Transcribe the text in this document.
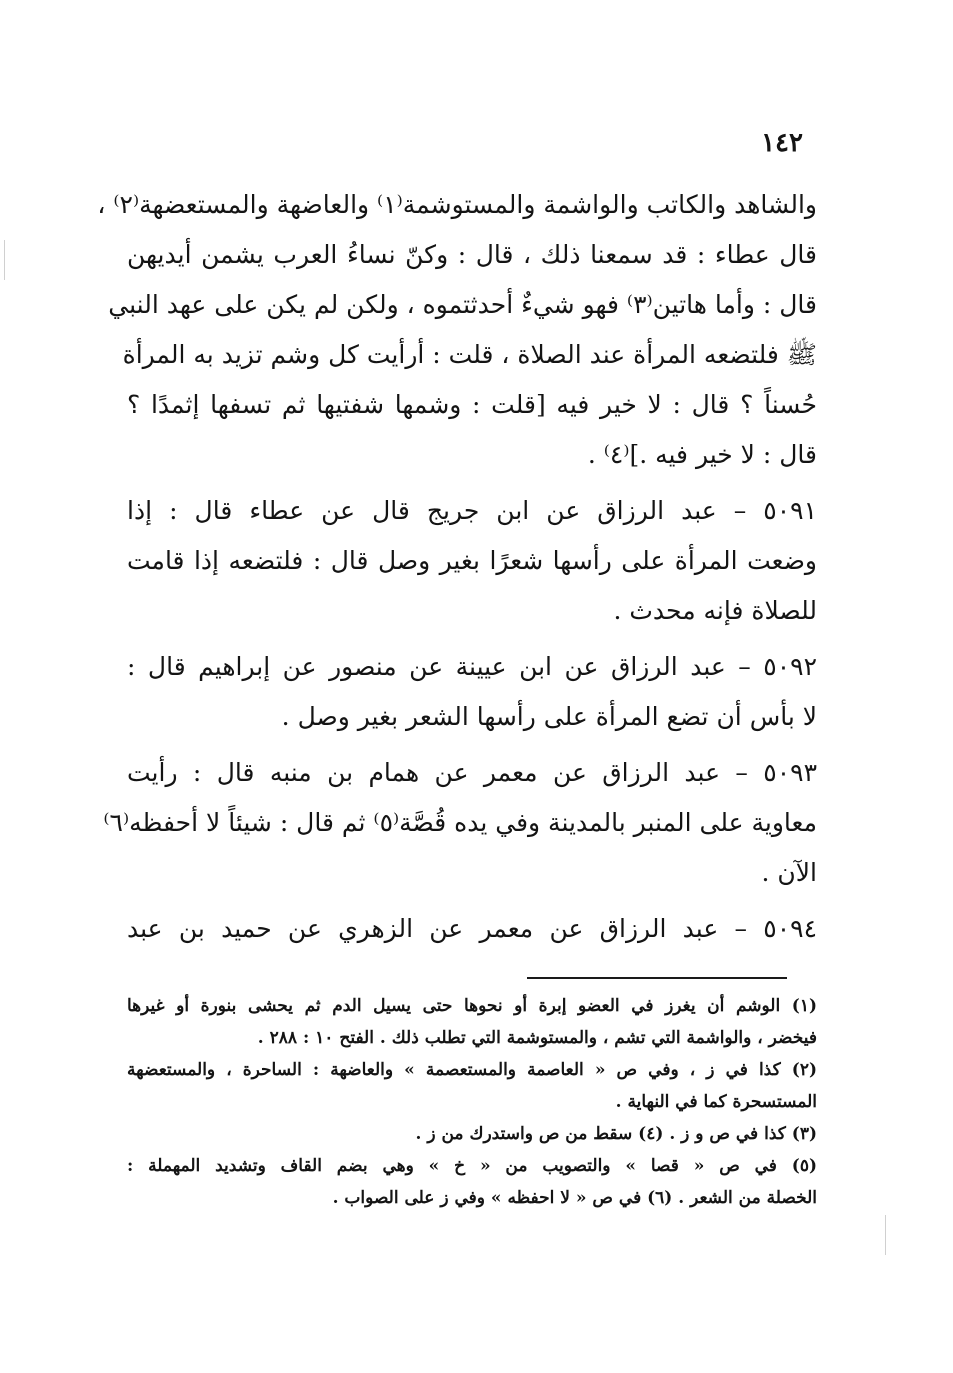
١٤٢
والشاهد والكاتب والواشمة والمستوشمة⁽١⁾ والعاضهة والمستعضهة⁽٢⁾ ،
قال عطاء : قد سمعنا ذلك ، قال : وكنّ نساءُ العرب يشمن أيديهن
قال : وأما هاتين⁽٣⁾ فهو شيءٌ أحدثتموه ، ولكن لم يكن على عهد النبي
ﷺ فلتضعه المرأة عند الصلاة ، قلت : أرأيت كل وشم تزيد به المرأة
حُسناً ؟ قال : لا خير فيه [قلت : وشمها شفتيها ثم تسفها إثمدًا ؟
قال : لا خير فيه .]⁽٤⁾ .
٥٠٩١ – عبد الرزاق عن ابن جريج قال عن عطاء قال : إذا
وضعت المرأة على رأسها شعرًا بغير وصل قال : فلتضعه إذا قامت
للصلاة فإنه محدث .
٥٠٩٢ – عبد الرزاق عن ابن عيينة عن منصور عن إبراهيم قال :
لا بأس أن تضع المرأة على رأسها الشعر بغير وصل .
٥٠٩٣ – عبد الرزاق عن معمر عن همام بن منبه قال : رأيت
معاوية على المنبر بالمدينة وفي يده قُصَّة⁽٥⁾ ثم قال : شيئاً لا أحفظه⁽٦⁾
الآن .
٥٠٩٤ – عبد الرزاق عن معمر عن الزهري عن حميد بن عبد
(١) الوشم أن يغرز في العضو إبرة أو نحوها حتى يسيل الدم ثم يحشى بنورة أو غيرها
فيخضر ، والواشمة التي تشم ، والمستوشمة التي تطلب ذلك . الفتح ١٠ : ٢٨٨ .
(٢) كذا في ز ، وفي ص « العاصمة والمستعصمة » والعاضهة : الساحرة ، والمستعضهة
المستسحرة كما في النهاية .
(٣) كذا في ص و ز . (٤) سقط من ص واستدرك من ز .
(٥) في ص « قصا » والتصويب من « خ » وهي بضم القاف وتشديد المهملة :
الخصلة من الشعر . (٦) في ص « لا احفظه » وفي ز على الصواب .
